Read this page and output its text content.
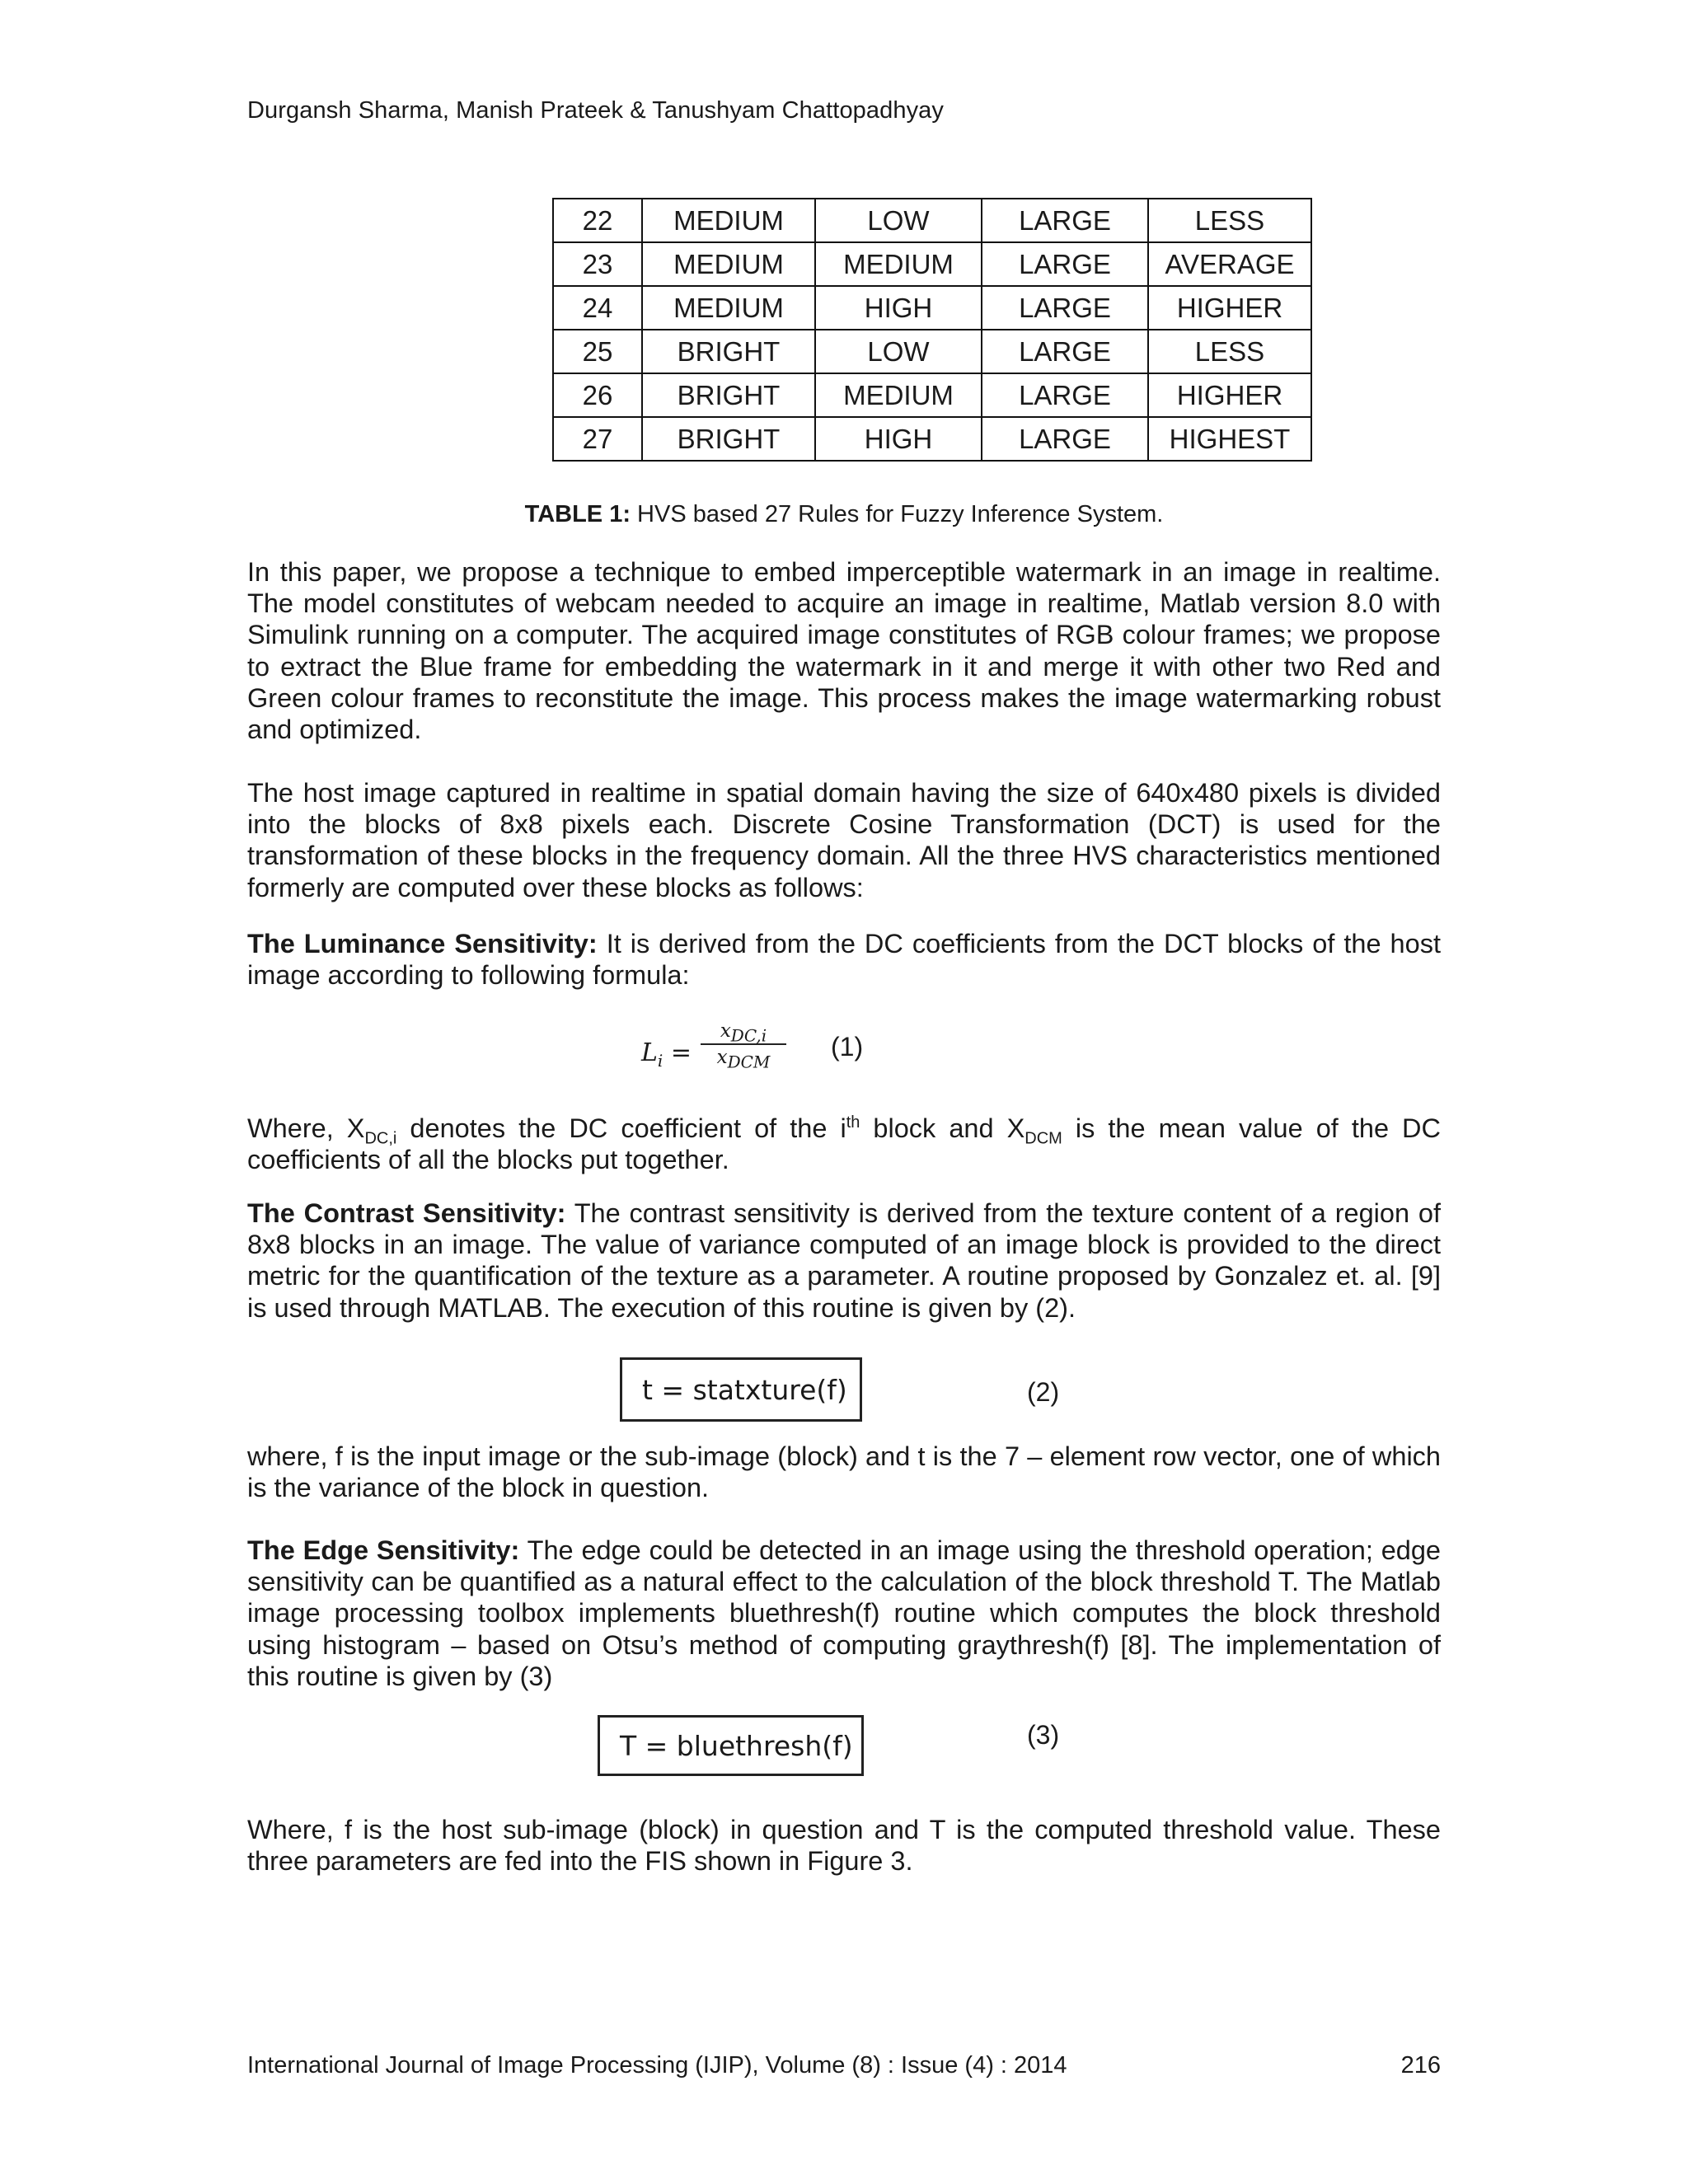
Durgansh Sharma, Manish Prateek & Tanushyam Chattopadhyay
22	MEDIUM	LOW	LARGE	LESS
23	MEDIUM	MEDIUM	LARGE	AVERAGE
24	MEDIUM	HIGH	LARGE	HIGHER
25	BRIGHT	LOW	LARGE	LESS
26	BRIGHT	MEDIUM	LARGE	HIGHER
27	BRIGHT	HIGH	LARGE	HIGHEST
TABLE 1: HVS based 27 Rules for Fuzzy Inference System.
In this paper, we propose a technique to embed imperceptible watermark in an image in realtime. The model constitutes of webcam needed to acquire an image in realtime, Matlab version 8.0 with Simulink running on a computer. The acquired image constitutes of RGB colour frames; we propose to extract the Blue frame for embedding the watermark in it and merge it with other two Red and Green colour frames to reconstitute the image. This process makes the image watermarking robust and optimized.
The host image captured in realtime in spatial domain having the size of 640x480 pixels is divided into the blocks of 8x8 pixels each. Discrete Cosine Transformation (DCT) is used for the transformation of these blocks in the frequency domain. All the three HVS characteristics mentioned formerly are computed over these blocks as follows:
The Luminance Sensitivity: It is derived from the DC coefficients from the DCT blocks of the host image according to following formula:
$L_i$ =
$x_{DC,i}$
$x_{DCM}$
(1)
Where, $X_{DC,i}$ denotes the DC coefficient of the $i^{th}$ block and $X_{DCM}$ is the mean value of the DC coefficients of all the blocks put together.
The Contrast Sensitivity: The contrast sensitivity is derived from the texture content of a region of 8x8 blocks in an image. The value of variance computed of an image block is provided to the direct metric for the quantification of the texture as a parameter. A routine proposed by Gonzalez et. al. [9] is used through MATLAB. The execution of this routine is given by (2).
t = statxture(f)	(2)
where, f is the input image or the sub-image (block) and t is the 7 – element row vector, one of which is the variance of the block in question.
The Edge Sensitivity: The edge could be detected in an image using the threshold operation; edge sensitivity can be quantified as a natural effect to the calculation of the block threshold T. The Matlab image processing toolbox implements bluethresh(f) routine which computes the block threshold using histogram – based on Otsu’s method of computing graythresh(f) [8]. The implementation of this routine is given by (3)
T = bluethresh(f)	(3)
Where, f is the host sub-image (block) in question and T is the computed threshold value. These three parameters are fed into the FIS shown in Figure 3.
International Journal of Image Processing (IJIP), Volume (8) : Issue (4) : 2014	216
